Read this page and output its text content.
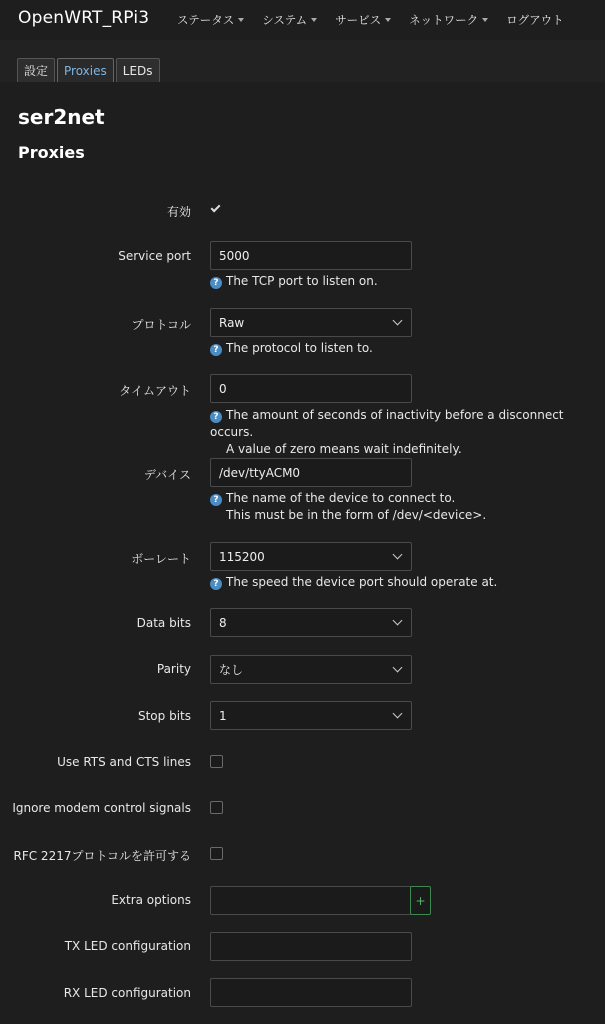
OpenWRT_RPi3 ステータス システム サービス ネットワーク ログアウト
設定	Proxies	LEDs
ser2net
Proxies
有効
Service port	5000
? The TCP port to listen on.
プロトコル Raw
? The protocol to listen to.
タイムアウト	0
? The amount of seconds of inactivity before a disconnect occurs.
A value of zero means wait indefinitely.
デバイス	/dev/ttyACM0
? The name of the device to connect to.
This must be in the form of /dev/<device>.
ボーレート 115200
? The speed the device port should operate at.
Data bits 8
Parity なし
Stop bits 1
Use RTS and CTS lines
Ignore modem control signals
RFC 2217プロトコルを許可する
Extra options	+
TX LED configuration
RX LED configuration
